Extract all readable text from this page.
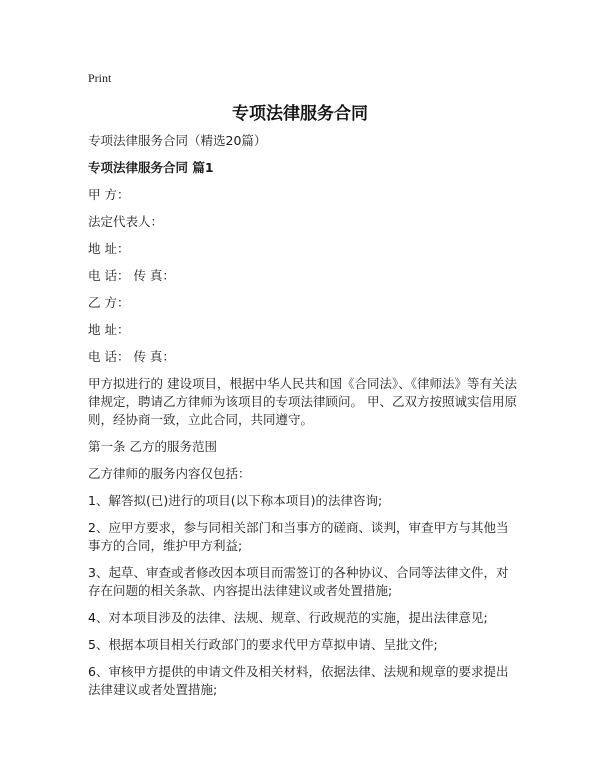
Print
专项法律服务合同

专项法律服务合同（精选20篇）

专项法律服务合同 篇1

甲 方：

法定代表人：

地 址：

电 话： 传 真：

乙 方：

地 址：

电 话： 传 真：

甲方拟进行的 建设项目，根据中华人民共和国《合同法》、《律师法》等有关法律规定，聘请乙方律师为该项目的专项法律顾问。 甲、乙双方按照诚实信用原则，经协商一致，立此合同，共同遵守。

第一条 乙方的服务范围

乙方律师的服务内容仅包括：

1、解答拟(已)进行的项目(以下称本项目)的法律咨询;

2、应甲方要求，参与同相关部门和当事方的磋商、谈判，审查甲方与其他当事方的合同，维护甲方利益;

3、起草、审查或者修改因本项目而需签订的各种协议、合同等法律文件，对存在问题的相关条款、内容提出法律建议或者处置措施;

4、对本项目涉及的法律、法规、规章、行政规范的实施，提出法律意见;

5、根据本项目相关行政部门的要求代甲方草拟申请、呈批文件;

6、审核甲方提供的申请文件及相关材料，依据法律、法规和规章的要求提出法律建议或者处置措施;
